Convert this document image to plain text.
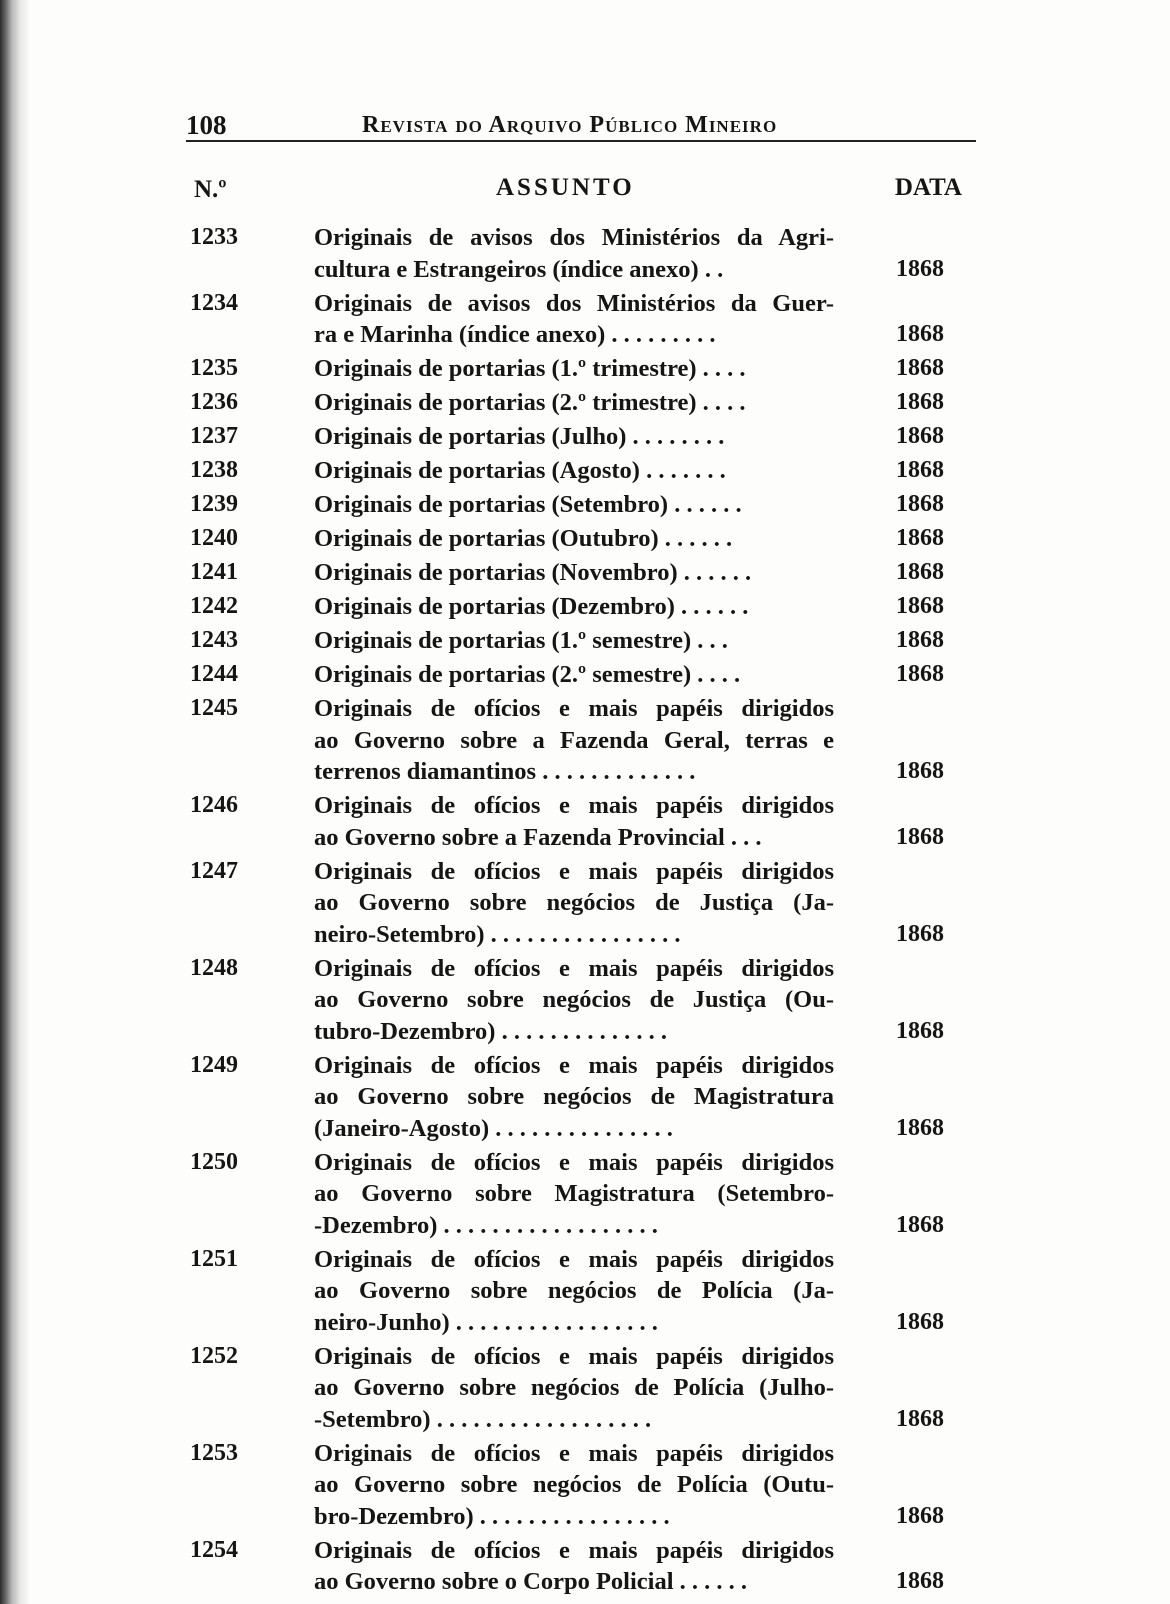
108	Revista do Arquivo Público Mineiro
N.º	ASSUNTO	DATA
1233	Originais de avisos dos Ministérios da Agri-
cultura e Estrangeiros (índice anexo) . .	1868
1234	Originais de avisos dos Ministérios da Guer-
ra e Marinha (índice anexo) . . . . . . . . .	1868
1235	Originais de portarias (1.º trimestre) . . . .	1868
1236	Originais de portarias (2.º trimestre) . . . .	1868
1237	Originais de portarias (Julho) . . . . . . . .	1868
1238	Originais de portarias (Agosto) . . . . . . .	1868
1239	Originais de portarias (Setembro) . . . . . .	1868
1240	Originais de portarias (Outubro) . . . . . .	1868
1241	Originais de portarias (Novembro) . . . . . .	1868
1242	Originais de portarias (Dezembro) . . . . . .	1868
1243	Originais de portarias (1.º semestre) . . .	1868
1244	Originais de portarias (2.º semestre) . . . .	1868
1245	Originais de ofícios e mais papéis dirigidos
ao Governo sobre a Fazenda Geral, terras e
terrenos diamantinos . . . . . . . . . . . . .	1868
1246	Originais de ofícios e mais papéis dirigidos
ao Governo sobre a Fazenda Provincial . . .	1868
1247	Originais de ofícios e mais papéis dirigidos
ao Governo sobre negócios de Justiça (Ja-
neiro-Setembro) . . . . . . . . . . . . . . . .	1868
1248	Originais de ofícios e mais papéis dirigidos
ao Governo sobre negócios de Justiça (Ou-
tubro-Dezembro) . . . . . . . . . . . . . .	1868
1249	Originais de ofícios e mais papéis dirigidos
ao Governo sobre negócios de Magistratura
(Janeiro-Agosto) . . . . . . . . . . . . . . .	1868
1250	Originais de ofícios e mais papéis dirigidos
ao Governo sobre Magistratura (Setembro-
-Dezembro) . . . . . . . . . . . . . . . . . .	1868
1251	Originais de ofícios e mais papéis dirigidos
ao Governo sobre negócios de Polícia (Ja-
neiro-Junho) . . . . . . . . . . . . . . . . .	1868
1252	Originais de ofícios e mais papéis dirigidos
ao Governo sobre negócios de Polícia (Julho-
-Setembro) . . . . . . . . . . . . . . . . . .	1868
1253	Originais de ofícios e mais papéis dirigidos
ao Governo sobre negócios de Polícia (Outu-
bro-Dezembro) . . . . . . . . . . . . . . . .	1868
1254	Originais de ofícios e mais papéis dirigidos
ao Governo sobre o Corpo Policial . . . . . .	1868
